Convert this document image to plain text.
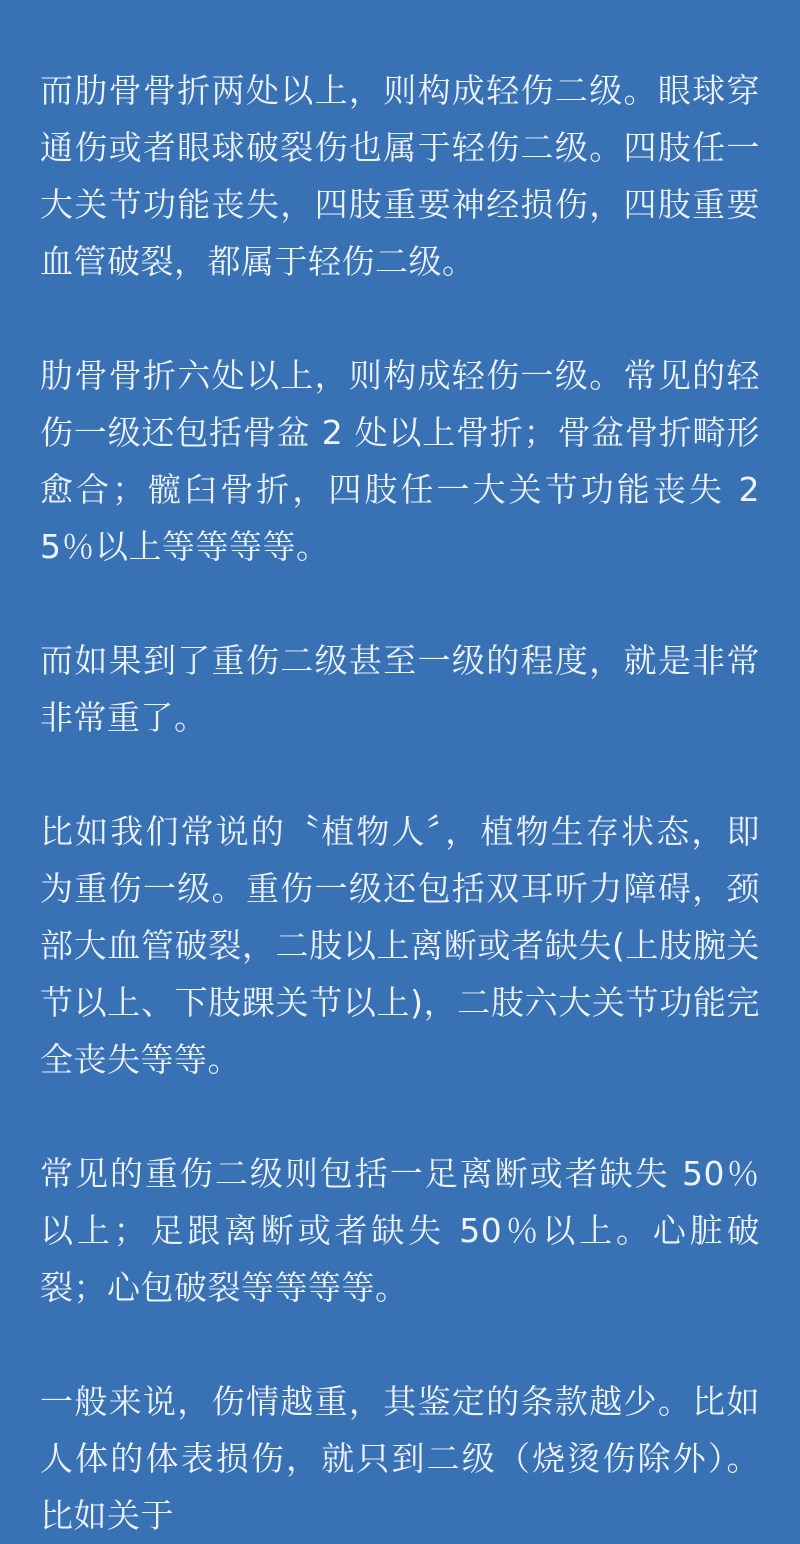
而肋骨骨折两处以上，则构成轻伤二级。眼球穿通伤或者眼球破裂伤也属于轻伤二级。四肢任一大关节功能丧失，四肢重要神经损伤，四肢重要血管破裂，都属于轻伤二级。

肋骨骨折六处以上，则构成轻伤一级。常见的轻伤一级还包括骨盆 2 处以上骨折；骨盆骨折畸形愈合；髋臼骨折，四肢任一大关节功能丧失 25％以上等等等等。

而如果到了重伤二级甚至一级的程度，就是非常非常重了。

比如我们常说的〝植物人〞，植物生存状态，即为重伤一级。重伤一级还包括双耳听力障碍，颈部大血管破裂，二肢以上离断或者缺失(上肢腕关节以上、下肢踝关节以上)，二肢六大关节功能完全丧失等等。

常见的重伤二级则包括一足离断或者缺失 50％以上；足跟离断或者缺失 50％以上。心脏破裂；心包破裂等等等等。

一般来说，伤情越重，其鉴定的条款越少。比如人体的体表损伤，就只到二级（烧烫伤除外）。比如关于
